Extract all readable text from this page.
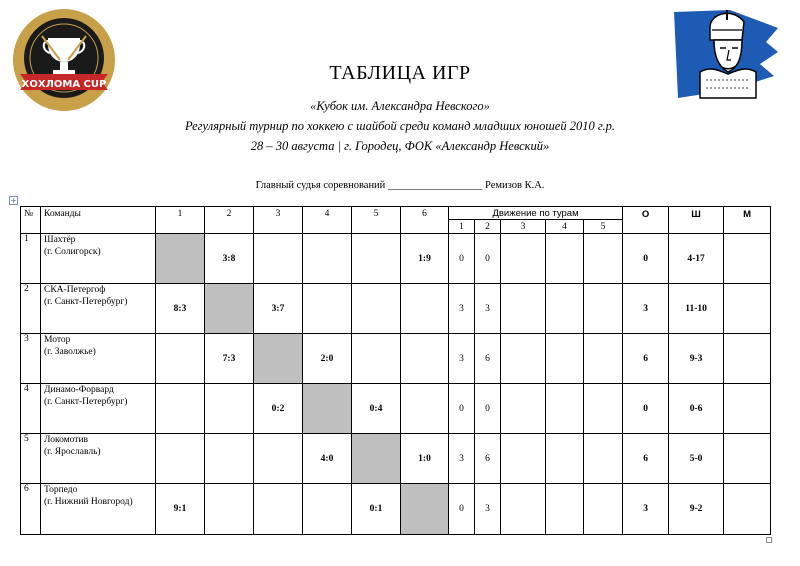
ХОХЛОМА CUP
ТАБЛИЦА ИГР
«Кубок им. Александра Невского»
Регулярный турнир по хоккею с шайбой среди команд младших юношей 2010 г.р.
28 – 30 августа | г. Городец, ФОК «Александр Невский»
Главный судья соревнований __________________ Ремизов К.А.
+
№	Команды	1	2	3	4	5	6	Движение по турам					О	Ш	М
								1	2	3	4	5			
1	Шахтёр
(г. Солигорск)		3:8				1:9	0	0				0	4-17	
2	СКА-Петергоф
(г. Санкт-Петербург)	8:3		3:7				3	3				3	11-10	
3	Мотор
(г. Заволжье)		7:3		2:0			3	6				6	9-3	
4	Динамо-Форвард
(г. Санкт-Петербург)			0:2		0:4		0	0				0	0-6	
5	Локомотив
(г. Ярославль)				4:0		1:0	3	6				6	5-0	
6	Торпедо
(г. Нижний Новгород)	9:1				0:1		0	3				3	9-2	
